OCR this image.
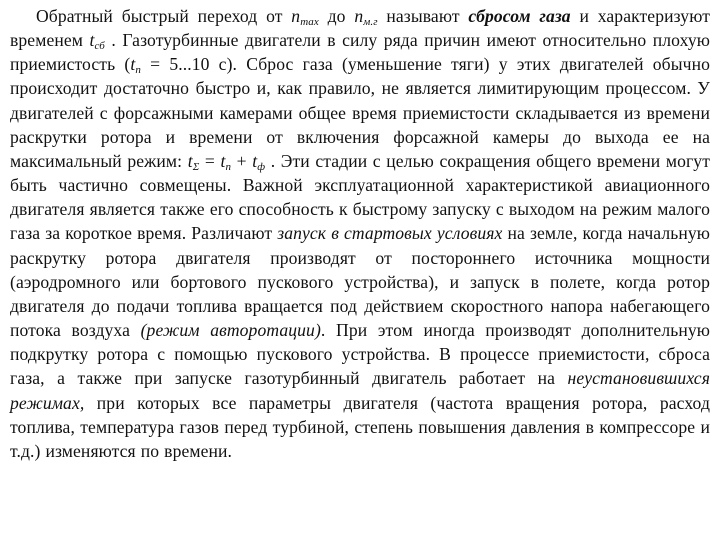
Обратный быстрый переход от $n_{max}$ до $n_{м.г}$ называют сбросом газа и характеризуют временем $t_{сб}$ . Газотурбинные двигатели в силу ряда причин имеют относительно плохую приемистость ($t_п = 5...10$ с). Сброс газа (уменьшение тяги) у этих двигателей обычно происходит достаточно быстро и, как правило, не является лимитирующим процессом. У двигателей с форсажными камерами общее время приемистости складывается из времени раскрутки ротора и времени от включения форсажной камеры до выхода ее на максимальный режим: $t_\Sigma = t_п + t_ф$ . Эти стадии с целью сокращения общего времени могут быть частично совмещены. Важной эксплуатационной характеристикой авиационного двигателя является также его способность к быстрому запуску с выходом на режим малого газа за короткое время. Различают запуск в стартовых условиях на земле, когда начальную раскрутку ротора двигателя производят от постороннего источника мощности (аэродромного или бортового пускового устройства), и запуск в полете, когда ротор двигателя до подачи топлива вращается под действием скоростного напора набегающего потока воздуха (режим авторотации). При этом иногда производят дополнительную подкрутку ротора с помощью пускового устройства. В процессе приемистости, сброса газа, а также при запуске газотурбинный двигатель работает на неустановившихся режимах, при которых все параметры двигателя (частота вращения ротора, расход топлива, температура газов перед турбиной, степень повышения давления в компрессоре и т.д.) изменяются по времени.
